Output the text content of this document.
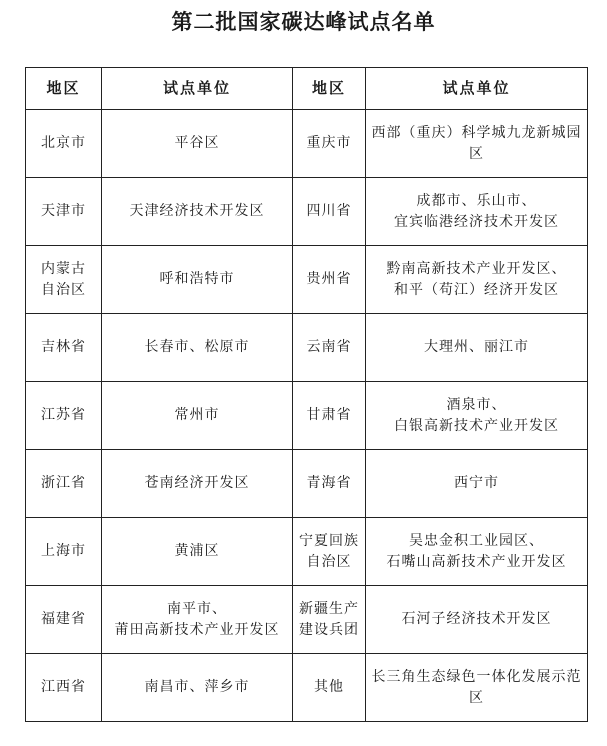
第二批国家碳达峰试点名单
地区	试点单位	地区	试点单位

北京市	平谷区	重庆市	西部（重庆）科学城九龙新城园区

天津市	天津经济技术开发区	四川省	成都市、乐山市、
宜宾临港经济技术开发区

内蒙古
自治区	呼和浩特市	贵州省	黔南高新技术产业开发区、
和平（苟江）经济开发区

吉林省	长春市、松原市	云南省	大理州、丽江市

江苏省	常州市	甘肃省	酒泉市、
白银高新技术产业开发区

浙江省	苍南经济开发区	青海省	西宁市

上海市	黄浦区	宁夏回族
自治区	吴忠金积工业园区、
石嘴山高新技术产业开发区

福建省	南平市、
莆田高新技术产业开发区	新疆生产
建设兵团	石河子经济技术开发区

江西省	南昌市、萍乡市	其他	长三角生态绿色一体化发展示范区
